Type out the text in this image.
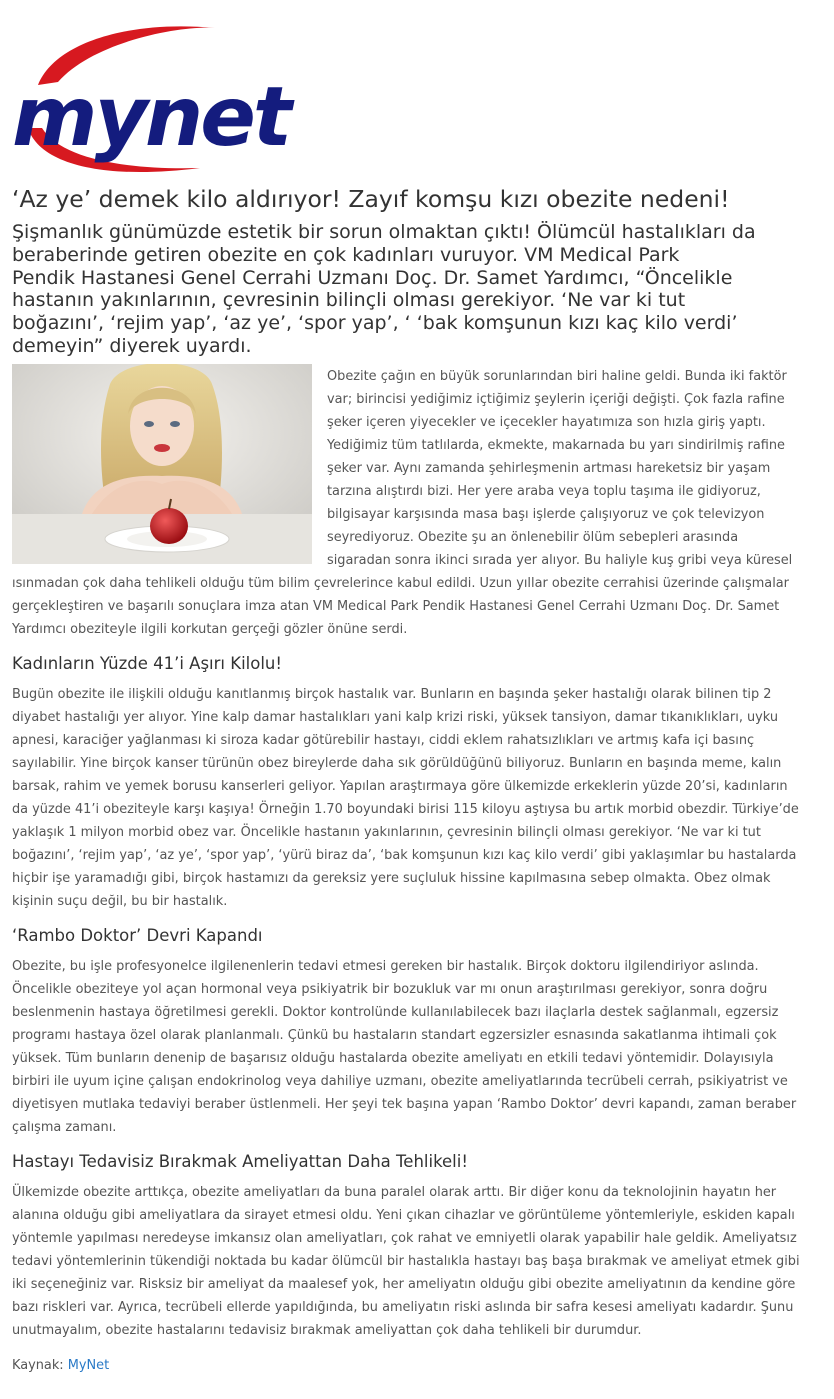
mynet
‘Az ye’ demek kilo aldırıyor! Zayıf komşu kızı obezite nedeni!

Şişmanlık günümüzde estetik bir sorun olmaktan çıktı! Ölümcül hastalıkları da
beraberinde getiren obezite en çok kadınları vuruyor. VM Medical Park
Pendik Hastanesi Genel Cerrahi Uzmanı Doç. Dr. Samet Yardımcı, “Öncelikle
hastanın yakınlarının, çevresinin bilinçli olması gerekiyor. ‘Ne var ki tut
boğazını’, ‘rejim yap’, ‘az ye’, ‘spor yap’, ‘ ‘bak komşunun kızı kaç kilo verdi’
demeyin” diyerek uyardı.

Obezite çağın en büyük sorunlarından biri haline geldi. Bunda iki faktör
var; birincisi yediğimiz içtiğimiz şeylerin içeriği değişti. Çok fazla rafine
şeker içeren yiyecekler ve içecekler hayatımıza son hızla giriş yaptı.
Yediğimiz tüm tatlılarda, ekmekte, makarnada bu yarı sindirilmiş rafine
şeker var. Aynı zamanda şehirleşmenin artması hareketsiz bir yaşam
tarzına alıştırdı bizi. Her yere araba veya toplu taşıma ile gidiyoruz,
bilgisayar karşısında masa başı işlerde çalışıyoruz ve çok televizyon
seyrediyoruz. Obezite şu an önlenebilir ölüm sebepleri arasında
sigaradan sonra ikinci sırada yer alıyor. Bu haliyle kuş gribi veya küresel

ısınmadan çok daha tehlikeli olduğu tüm bilim çevrelerince kabul edildi. Uzun yıllar obezite cerrahisi üzerinde çalışmalar
gerçekleştiren ve başarılı sonuçlara imza atan VM Medical Park Pendik Hastanesi Genel Cerrahi Uzmanı Doç. Dr. Samet
Yardımcı obeziteyle ilgili korkutan gerçeği gözler önüne serdi.

Kadınların Yüzde 41’i Aşırı Kilolu!

Bugün obezite ile ilişkili olduğu kanıtlanmış birçok hastalık var. Bunların en başında şeker hastalığı olarak bilinen tip 2
diyabet hastalığı yer alıyor. Yine kalp damar hastalıkları yani kalp krizi riski, yüksek tansiyon, damar tıkanıklıkları, uyku
apnesi, karaciğer yağlanması ki siroza kadar götürebilir hastayı, ciddi eklem rahatsızlıkları ve artmış kafa içi basınç
sayılabilir. Yine birçok kanser türünün obez bireylerde daha sık görüldüğünü biliyoruz. Bunların en başında meme, kalın
barsak, rahim ve yemek borusu kanserleri geliyor. Yapılan araştırmaya göre ülkemizde erkeklerin yüzde 20’si, kadınların
da yüzde 41’i obeziteyle karşı kaşıya! Örneğin 1.70 boyundaki birisi 115 kiloyu aştıysa bu artık morbid obezdir. Türkiye’de
yaklaşık 1 milyon morbid obez var. Öncelikle hastanın yakınlarının, çevresinin bilinçli olması gerekiyor. ‘Ne var ki tut
boğazını’, ‘rejim yap’, ‘az ye’, ‘spor yap’, ‘yürü biraz da’, ‘bak komşunun kızı kaç kilo verdi’ gibi yaklaşımlar bu hastalarda
hiçbir işe yaramadığı gibi, birçok hastamızı da gereksiz yere suçluluk hissine kapılmasına sebep olmakta. Obez olmak
kişinin suçu değil, bu bir hastalık.

‘Rambo Doktor’ Devri Kapandı

Obezite, bu işle profesyonelce ilgilenenlerin tedavi etmesi gereken bir hastalık. Birçok doktoru ilgilendiriyor aslında.
Öncelikle obeziteye yol açan hormonal veya psikiyatrik bir bozukluk var mı onun araştırılması gerekiyor, sonra doğru
beslenmenin hastaya öğretilmesi gerekli. Doktor kontrolünde kullanılabilecek bazı ilaçlarla destek sağlanmalı, egzersiz
programı hastaya özel olarak planlanmalı. Çünkü bu hastaların standart egzersizler esnasında sakatlanma ihtimali çok
yüksek. Tüm bunların denenip de başarısız olduğu hastalarda obezite ameliyatı en etkili tedavi yöntemidir. Dolayısıyla
birbiri ile uyum içine çalışan endokrinolog veya dahiliye uzmanı, obezite ameliyatlarında tecrübeli cerrah, psikiyatrist ve
diyetisyen mutlaka tedaviyi beraber üstlenmeli. Her şeyi tek başına yapan ‘Rambo Doktor’ devri kapandı, zaman beraber
çalışma zamanı.

Hastayı Tedavisiz Bırakmak Ameliyattan Daha Tehlikeli!

Ülkemizde obezite arttıkça, obezite ameliyatları da buna paralel olarak arttı. Bir diğer konu da teknolojinin hayatın her
alanına olduğu gibi ameliyatlara da sirayet etmesi oldu. Yeni çıkan cihazlar ve görüntüleme yöntemleriyle, eskiden kapalı
yöntemle yapılması neredeyse imkansız olan ameliyatları, çok rahat ve emniyetli olarak yapabilir hale geldik. Ameliyatsız
tedavi yöntemlerinin tükendiği noktada bu kadar ölümcül bir hastalıkla hastayı baş başa bırakmak ve ameliyat etmek gibi
iki seçeneğiniz var. Risksiz bir ameliyat da maalesef yok, her ameliyatın olduğu gibi obezite ameliyatının da kendine göre
bazı riskleri var. Ayrıca, tecrübeli ellerde yapıldığında, bu ameliyatın riski aslında bir safra kesesi ameliyatı kadardır. Şunu
unutmayalım, obezite hastalarını tedavisiz bırakmak ameliyattan çok daha tehlikeli bir durumdur.

Kaynak: MyNet
